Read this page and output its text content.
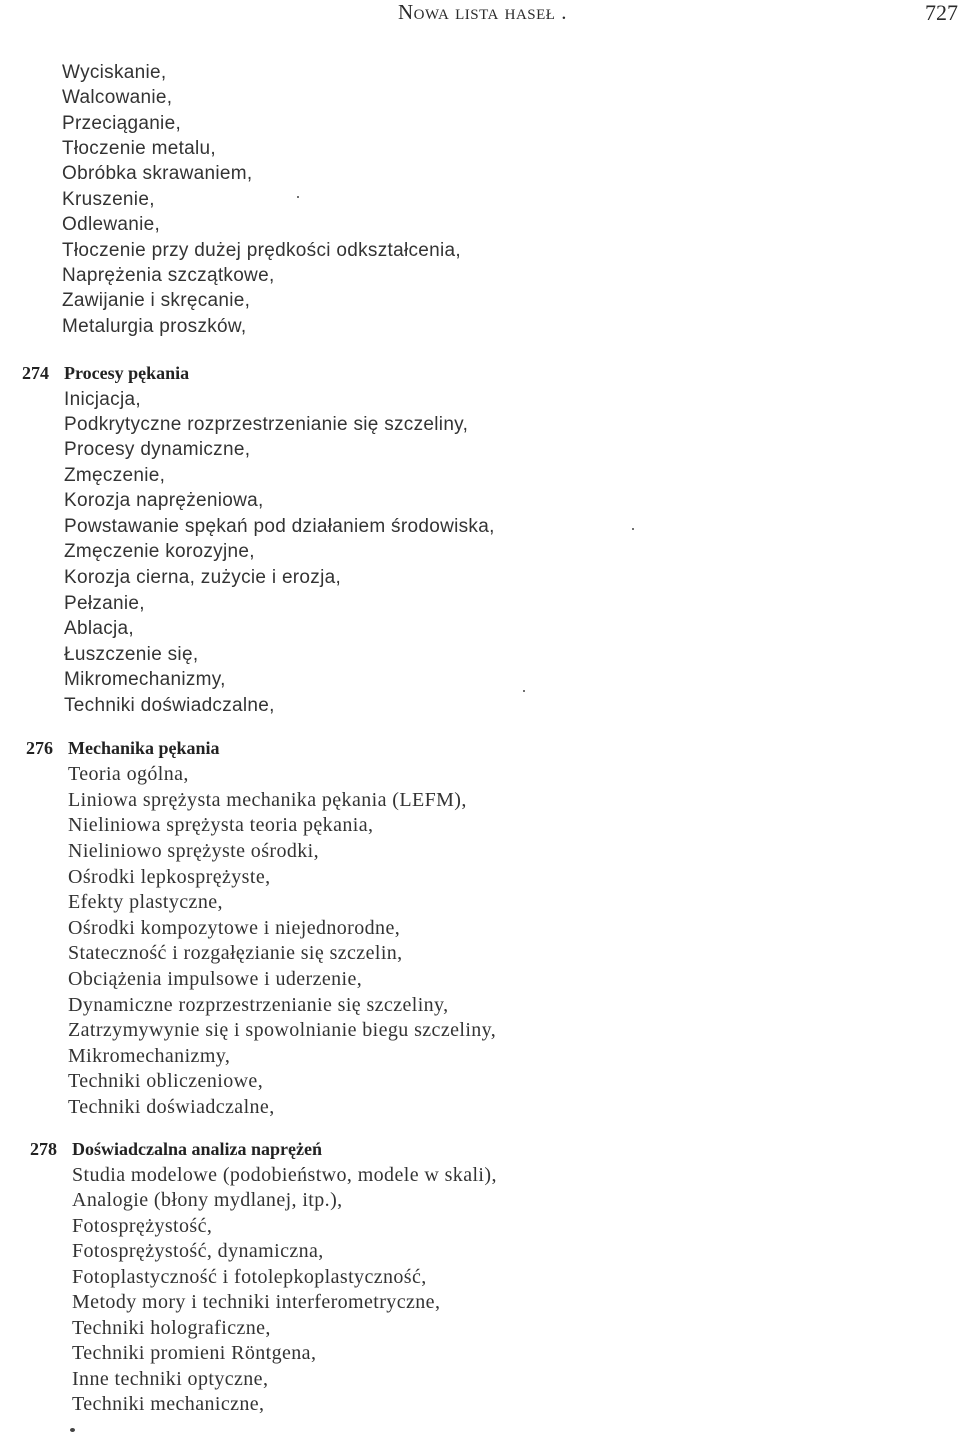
Nowa lista haseł .	727
Wyciskanie,
Walcowanie,
Przeciąganie,
Tłoczenie metalu,
Obróbka skrawaniem,
Kruszenie,
Odlewanie,
Tłoczenie przy dużej prędkości odkształcenia,
Naprężenia szczątkowe,
Zawijanie i skręcanie,
Metalurgia proszków,
274 Procesy pękania
Inicjacja,
Podkrytyczne rozprzestrzenianie się szczeliny,
Procesy dynamiczne,
Zmęczenie,
Korozja naprężeniowa,
Powstawanie spękań pod działaniem środowiska,
Zmęczenie korozyjne,
Korozja cierna, zużycie i erozja,
Pełzanie,
Ablacja,
Łuszczenie się,
Mikromechanizmy,
Techniki doświadczalne,
276 Mechanika pękania
Teoria ogólna,
Liniowa sprężysta mechanika pękania (LEFM),
Nieliniowa sprężysta teoria pękania,
Nieliniowo sprężyste ośrodki,
Ośrodki lepkosprężyste,
Efekty plastyczne,
Ośrodki kompozytowe i niejednorodne,
Stateczność i rozgałęzianie się szczelin,
Obciążenia impulsowe i uderzenie,
Dynamiczne rozprzestrzenianie się szczeliny,
Zatrzymywynie się i spowolnianie biegu szczeliny,
Mikromechanizmy,
Techniki obliczeniowe,
Techniki doświadczalne,
278 Doświadczalna analiza naprężeń
Studia modelowe (podobieństwo, modele w skali),
Analogie (błony mydlanej, itp.),
Fotosprężystość,
Fotosprężystość, dynamiczna,
Fotoplastyczność i fotolepkoplastyczność,
Metody mory i techniki interferometryczne,
Techniki holograficzne,
Techniki promieni Röntgena,
Inne techniki optyczne,
Techniki mechaniczne,
